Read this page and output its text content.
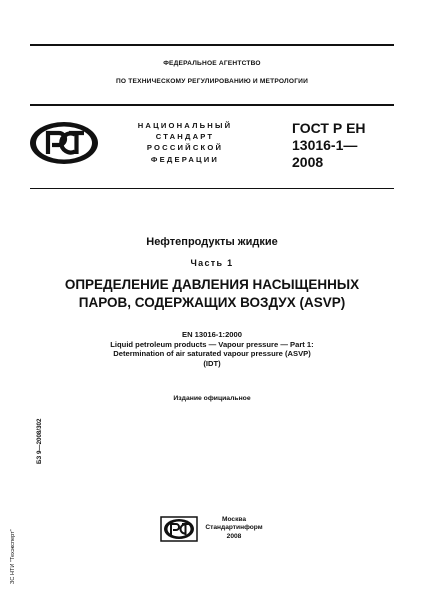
ФЕДЕРАЛЬНОЕ АГЕНТСТВО
ПО ТЕХНИЧЕСКОМУ РЕГУЛИРОВАНИЮ И МЕТРОЛОГИИ
НАЦИОНАЛЬНЫЙ
СТАНДАРТ
РОССИЙСКОЙ
ФЕДЕРАЦИИ
ГОСТ Р ЕН
13016-1—
2008
Нефтепродукты жидкие
Часть 1
ОПРЕДЕЛЕНИЕ ДАВЛЕНИЯ НАСЫЩЕННЫХ
ПАРОВ, СОДЕРЖАЩИХ ВОЗДУХ (ASVP)
EN 13016-1:2000
Liquid petroleum products — Vapour pressure — Part 1:
Determination of air saturated vapour pressure (ASVP)
(IDT)
Издание официальное
БЗ 9—2008/302
ЗС НТИ "Техэксперт"
Москва
Стандартинформ
2008
